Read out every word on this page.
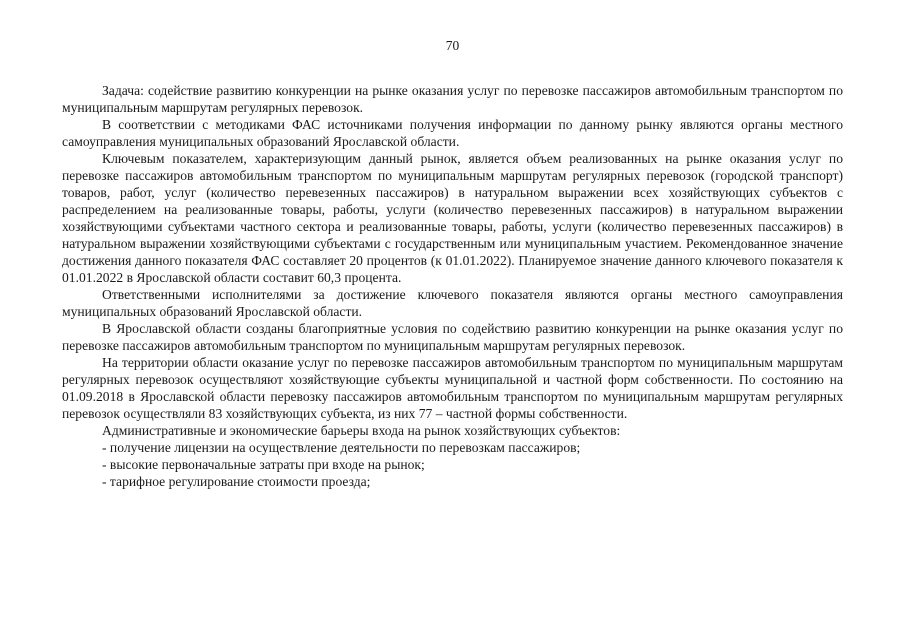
70

Задача: содействие развитию конкуренции на рынке оказания услуг по перевозке пассажиров автомобильным транспортом по муниципальным маршрутам регулярных перевозок.

В соответствии с методиками ФАС источниками получения информации по данному рынку являются органы местного самоуправления муниципальных образований Ярославской области.

Ключевым показателем, характеризующим данный рынок, является объем реализованных на рынке оказания услуг по перевозке пассажиров автомобильным транспортом по муниципальным маршрутам регулярных перевозок (городской транспорт) товаров, работ, услуг (количество перевезенных пассажиров) в натуральном выражении всех хозяйствующих субъектов с распределением на реализованные товары, работы, услуги (количество перевезенных пассажиров) в натуральном выражении хозяйствующими субъектами частного сектора и реализованные товары, работы, услуги (количество перевезенных пассажиров) в натуральном выражении хозяйствующими субъектами с государственным или муниципальным участием. Рекомендованное значение достижения данного показателя ФАС составляет 20 процентов (к 01.01.2022). Планируемое значение данного ключевого показателя к 01.01.2022 в Ярославской области составит 60,3 процента.

Ответственными исполнителями за достижение ключевого показателя являются органы местного самоуправления муниципальных образований Ярославской области.

В Ярославской области созданы благоприятные условия по содействию развитию конкуренции на рынке оказания услуг по перевозке пассажиров автомобильным транспортом по муниципальным маршрутам регулярных перевозок.

На территории области оказание услуг по перевозке пассажиров автомобильным транспортом по муниципальным маршрутам регулярных перевозок осуществляют хозяйствующие субъекты муниципальной и частной форм собственности. По состоянию на 01.09.2018 в Ярославской области перевозку пассажиров автомобильным транспортом по муниципальным маршрутам регулярных перевозок осуществляли 83 хозяйствующих субъекта, из них 77 – частной формы собственности.

Административные и экономические барьеры входа на рынок хозяйствующих субъектов:

- получение лицензии на осуществление деятельности по перевозкам пассажиров;

- высокие первоначальные затраты при входе на рынок;

- тарифное регулирование стоимости проезда;
